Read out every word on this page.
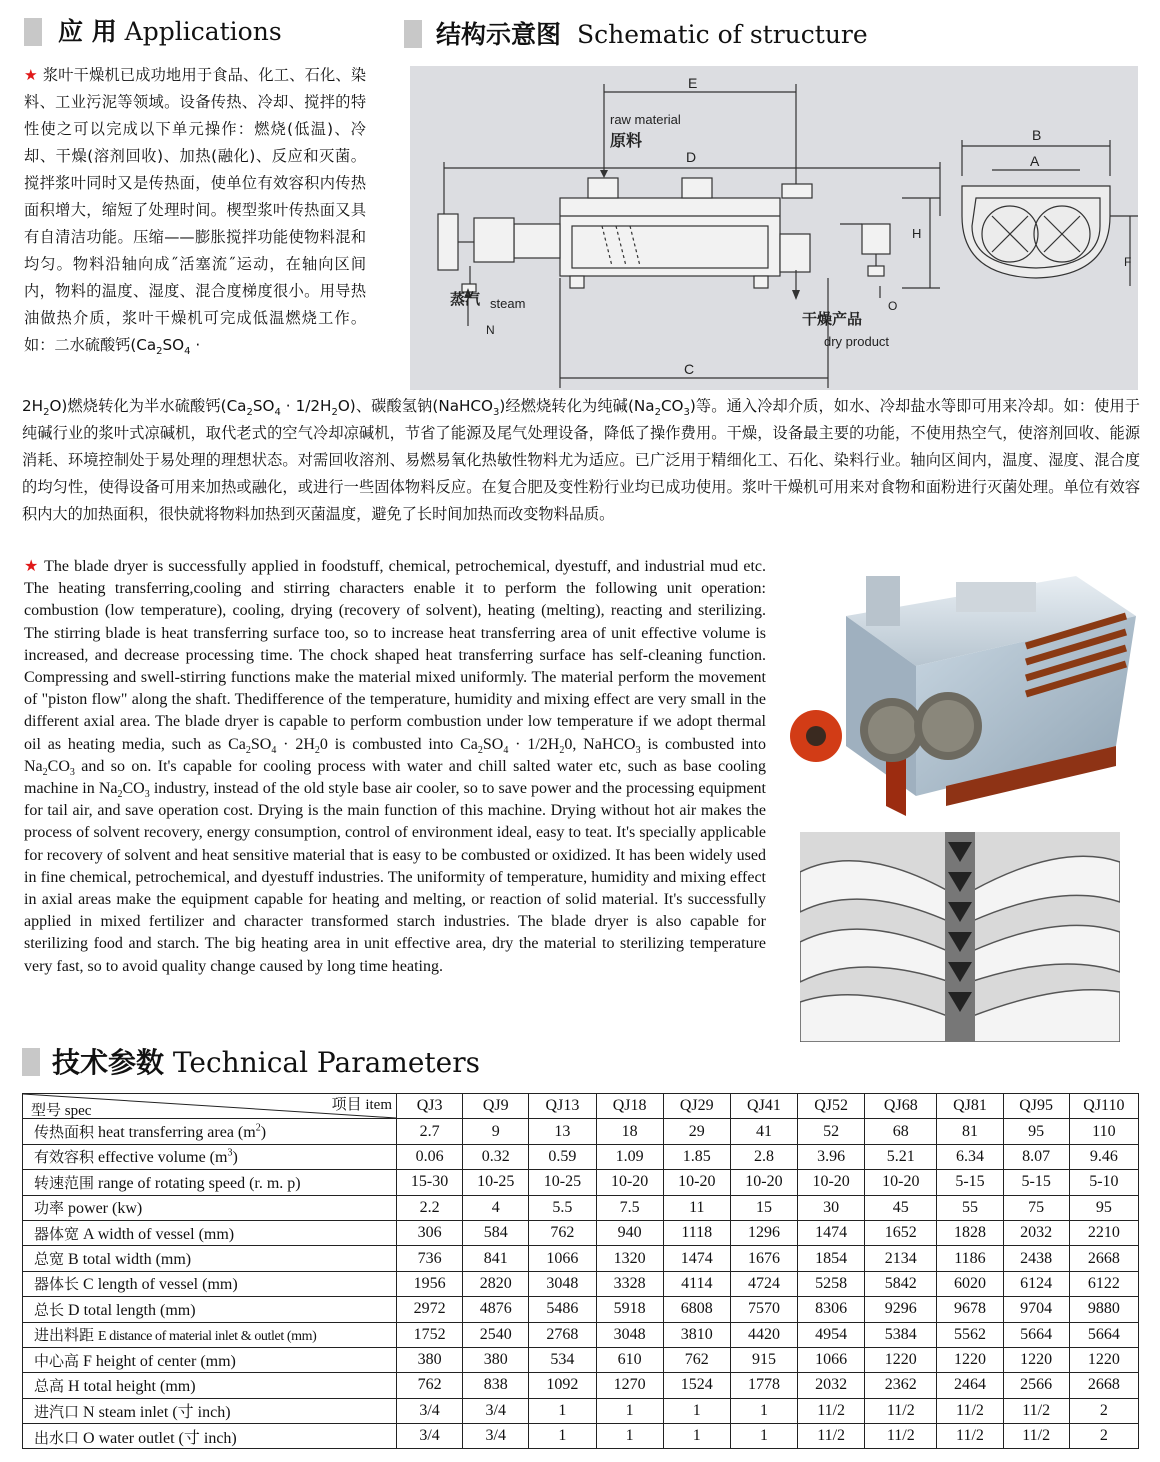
应 用 Applications	结构示意图 Schematic of structure
★ 浆叶干燥机已成功地用于食品、化工、石化、染料、工业污泥等领域。设备传热、冷却、搅拌的特性使之可以完成以下单元操作：燃烧(低温)、冷却、干燥(溶剂回收)、加热(融化)、反应和灭菌。搅拌浆叶同时又是传热面，使单位有效容积内传热面积增大，缩短了处理时间。楔型浆叶传热面又具有自清洁功能。压缩——膨胀搅拌功能使物料混和均匀。物料沿轴向成˝活塞流˝运动，在轴向区间内，物料的温度、湿度、混合度梯度很小。用导热油做热介质，浆叶干燥机可完成低温燃烧工作。如：二水硫酸钙($Ca_2SO_4$ ·
$2H_2O$)燃烧转化为半水硫酸钙$(Ca_2SO_4 \cdot 1/2H_2O)$、碳酸氢钠(NaHCO$_3$)经燃烧转化为纯碱$(Na_2CO_3)$等。通入冷却介质，如水、冷却盐水等即可用来冷却。如：使用于纯碱行业的浆叶式凉碱机，取代老式的空气冷却凉碱机，节省了能源及尾气处理设备，降低了操作费用。干燥，设备最主要的功能，不使用热空气，使溶剂回收、能源消耗、环境控制处于易处理的理想状态。对需回收溶剂、易燃易氧化热敏性物料尤为适应。已广泛用于精细化工、石化、染料行业。轴向区间内，温度、湿度、混合度的均匀性，使得设备可用来加热或融化，或进行一些固体物料反应。在复合肥及变性粉行业均已成功使用。浆叶干燥机可用来对食物和面粉进行灭菌处理。单位有效容积内大的加热面积，很快就将物料加热到灭菌温度，避免了长时间加热而改变物料品质。
★ The blade dryer is successfully applied in foodstuff, chemical, petrochemical, dyestuff, and industrial mud etc. The heating transferring,cooling and stirring characters enable it to perform the following unit operation: combustion (low temperature), cooling, drying (recovery of solvent), heating (melting), reacting and sterilizing. The stirring blade is heat transferring surface too, so to increase heat transferring area of unit effective volume is increased, and decrease processing time. The chock shaped heat transferring surface has self-cleaning function. Compressing and swell-stirring functions make the material mixed uniformly. The material perform the movement of "piston flow" along the shaft. Thedifference of the temperature, humidity and mixing effect are very small in the different axial area. The blade dryer is capable to perform combustion under low temperature if we adopt thermal oil as heating media, such as $Ca_2SO_4 \cdot 2H_20$ is combusted into $Ca_2SO_4 \cdot 1/2H_20$, NaHCO$_3$ is combusted into $Na_2CO_3$ and so on. It's capable for cooling process with water and chill salted water etc, such as base cooling machine in $Na_2CO_3$ industry, instead of the old style base air cooler, so to save power and the processing equipment for tail air, and save operation cost. Drying is the main function of this machine. Drying without hot air makes the process of solvent recovery, energy consumption, control of environment ideal, easy to teat. It's specially applicable for recovery of solvent and heat sensitive material that is easy to be combusted or oxidized. It has been widely used in fine chemical, petrochemical, and dyestuff industries. The uniformity of temperature, humidity and mixing effect in axial areas make the equipment capable for heating and melting, or reaction of solid material. It's successfully applied in mixed fertilizer and character transformed starch industries. The blade dryer is also capable for sterilizing food and starch. The big heating area in unit effective area, dry the material to sterilizing temperature very fast, so to avoid quality change caused by long time heating.
E
D
C
H
B
A
F
raw material
原料
蒸汽 steam
N
O
干燥产品
dry product
技术参数 Technical Parameters
项目 item
型号 spec	QJ3	QJ9	QJ13	QJ18	QJ29	QJ41	QJ52	QJ68	QJ81	QJ95	QJ110
传热面积 heat transferring area $(m^2)$	2.7	9	13	18	29	41	52	68	81	95	110
有效容积 effective volume $(m^3)$	0.06	0.32	0.59	1.09	1.85	2.8	3.96	5.21	6.34	8.07	9.46
转速范围 range of rotating speed (r. m. p)	15-30	10-25	10-25	10-20	10-20	10-20	10-20	10-20	5-15	5-15	5-10
功率 power (kw)	2.2	4	5.5	7.5	11	15	30	45	55	75	95
器体宽 A width of vessel (mm)	306	584	762	940	1118	1296	1474	1652	1828	2032	2210
总宽 B total width (mm)	736	841	1066	1320	1474	1676	1854	2134	1186	2438	2668
器体长 C length of vessel (mm)	1956	2820	3048	3328	4114	4724	5258	5842	6020	6124	6122
总长 D total length (mm)	2972	4876	5486	5918	6808	7570	8306	9296	9678	9704	9880
进出料距 E distance of material inlet & outlet (mm)	1752	2540	2768	3048	3810	4420	4954	5384	5562	5664	5664
中心高 F height of center (mm)	380	380	534	610	762	915	1066	1220	1220	1220	1220
总高 H total height (mm)	762	838	1092	1270	1524	1778	2032	2362	2464	2566	2668
进汽口 N steam inlet (寸 inch)	3/4	3/4	1	1	1	1	11/2	11/2	11/2	11/2	2
出水口 O water outlet (寸 inch)	3/4	3/4	1	1	1	1	11/2	11/2	11/2	11/2	2
